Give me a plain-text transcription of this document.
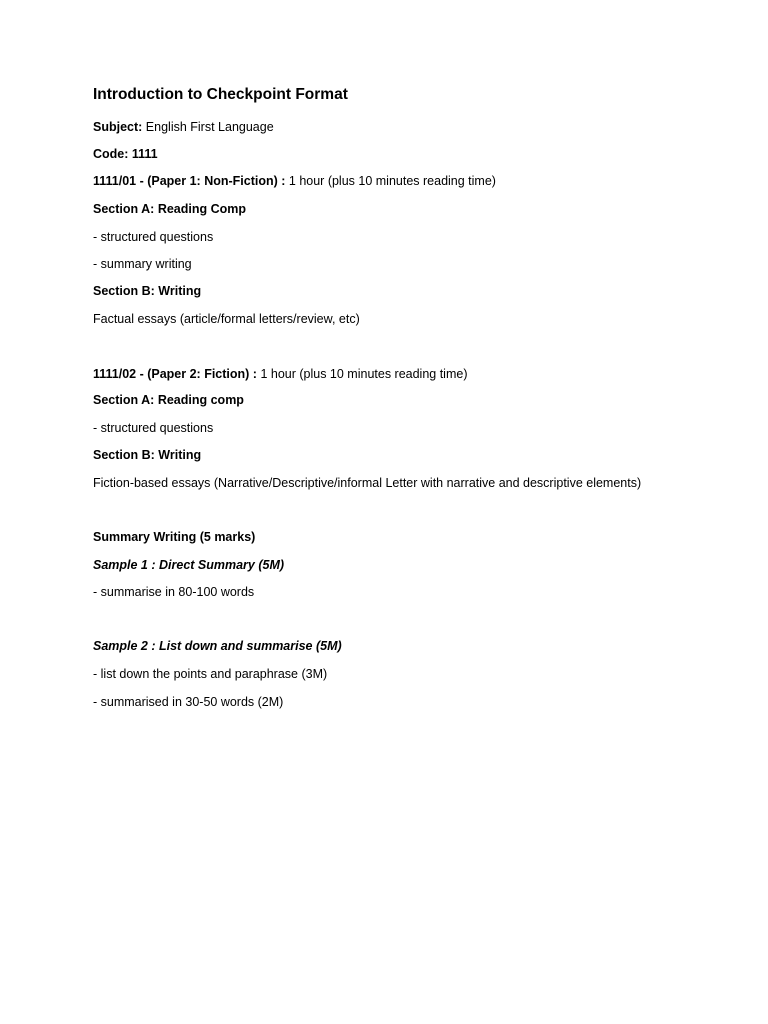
Introduction to Checkpoint Format
Subject: English First Language
Code: 1111
1111/01 - (Paper 1: Non-Fiction) : 1 hour (plus 10 minutes reading time)
Section A: Reading Comp
- structured questions
- summary writing
Section B: Writing
Factual essays (article/formal letters/review, etc)
1111/02 - (Paper 2: Fiction) : 1 hour (plus 10 minutes reading time)
Section A: Reading comp
- structured questions
Section B: Writing
Fiction-based essays (Narrative/Descriptive/informal Letter with narrative and descriptive elements)
Summary Writing (5 marks)
Sample 1 : Direct Summary (5M)
- summarise in 80-100 words
Sample 2 : List down and summarise (5M)
- list down the points and paraphrase (3M)
- summarised in 30-50 words (2M)
